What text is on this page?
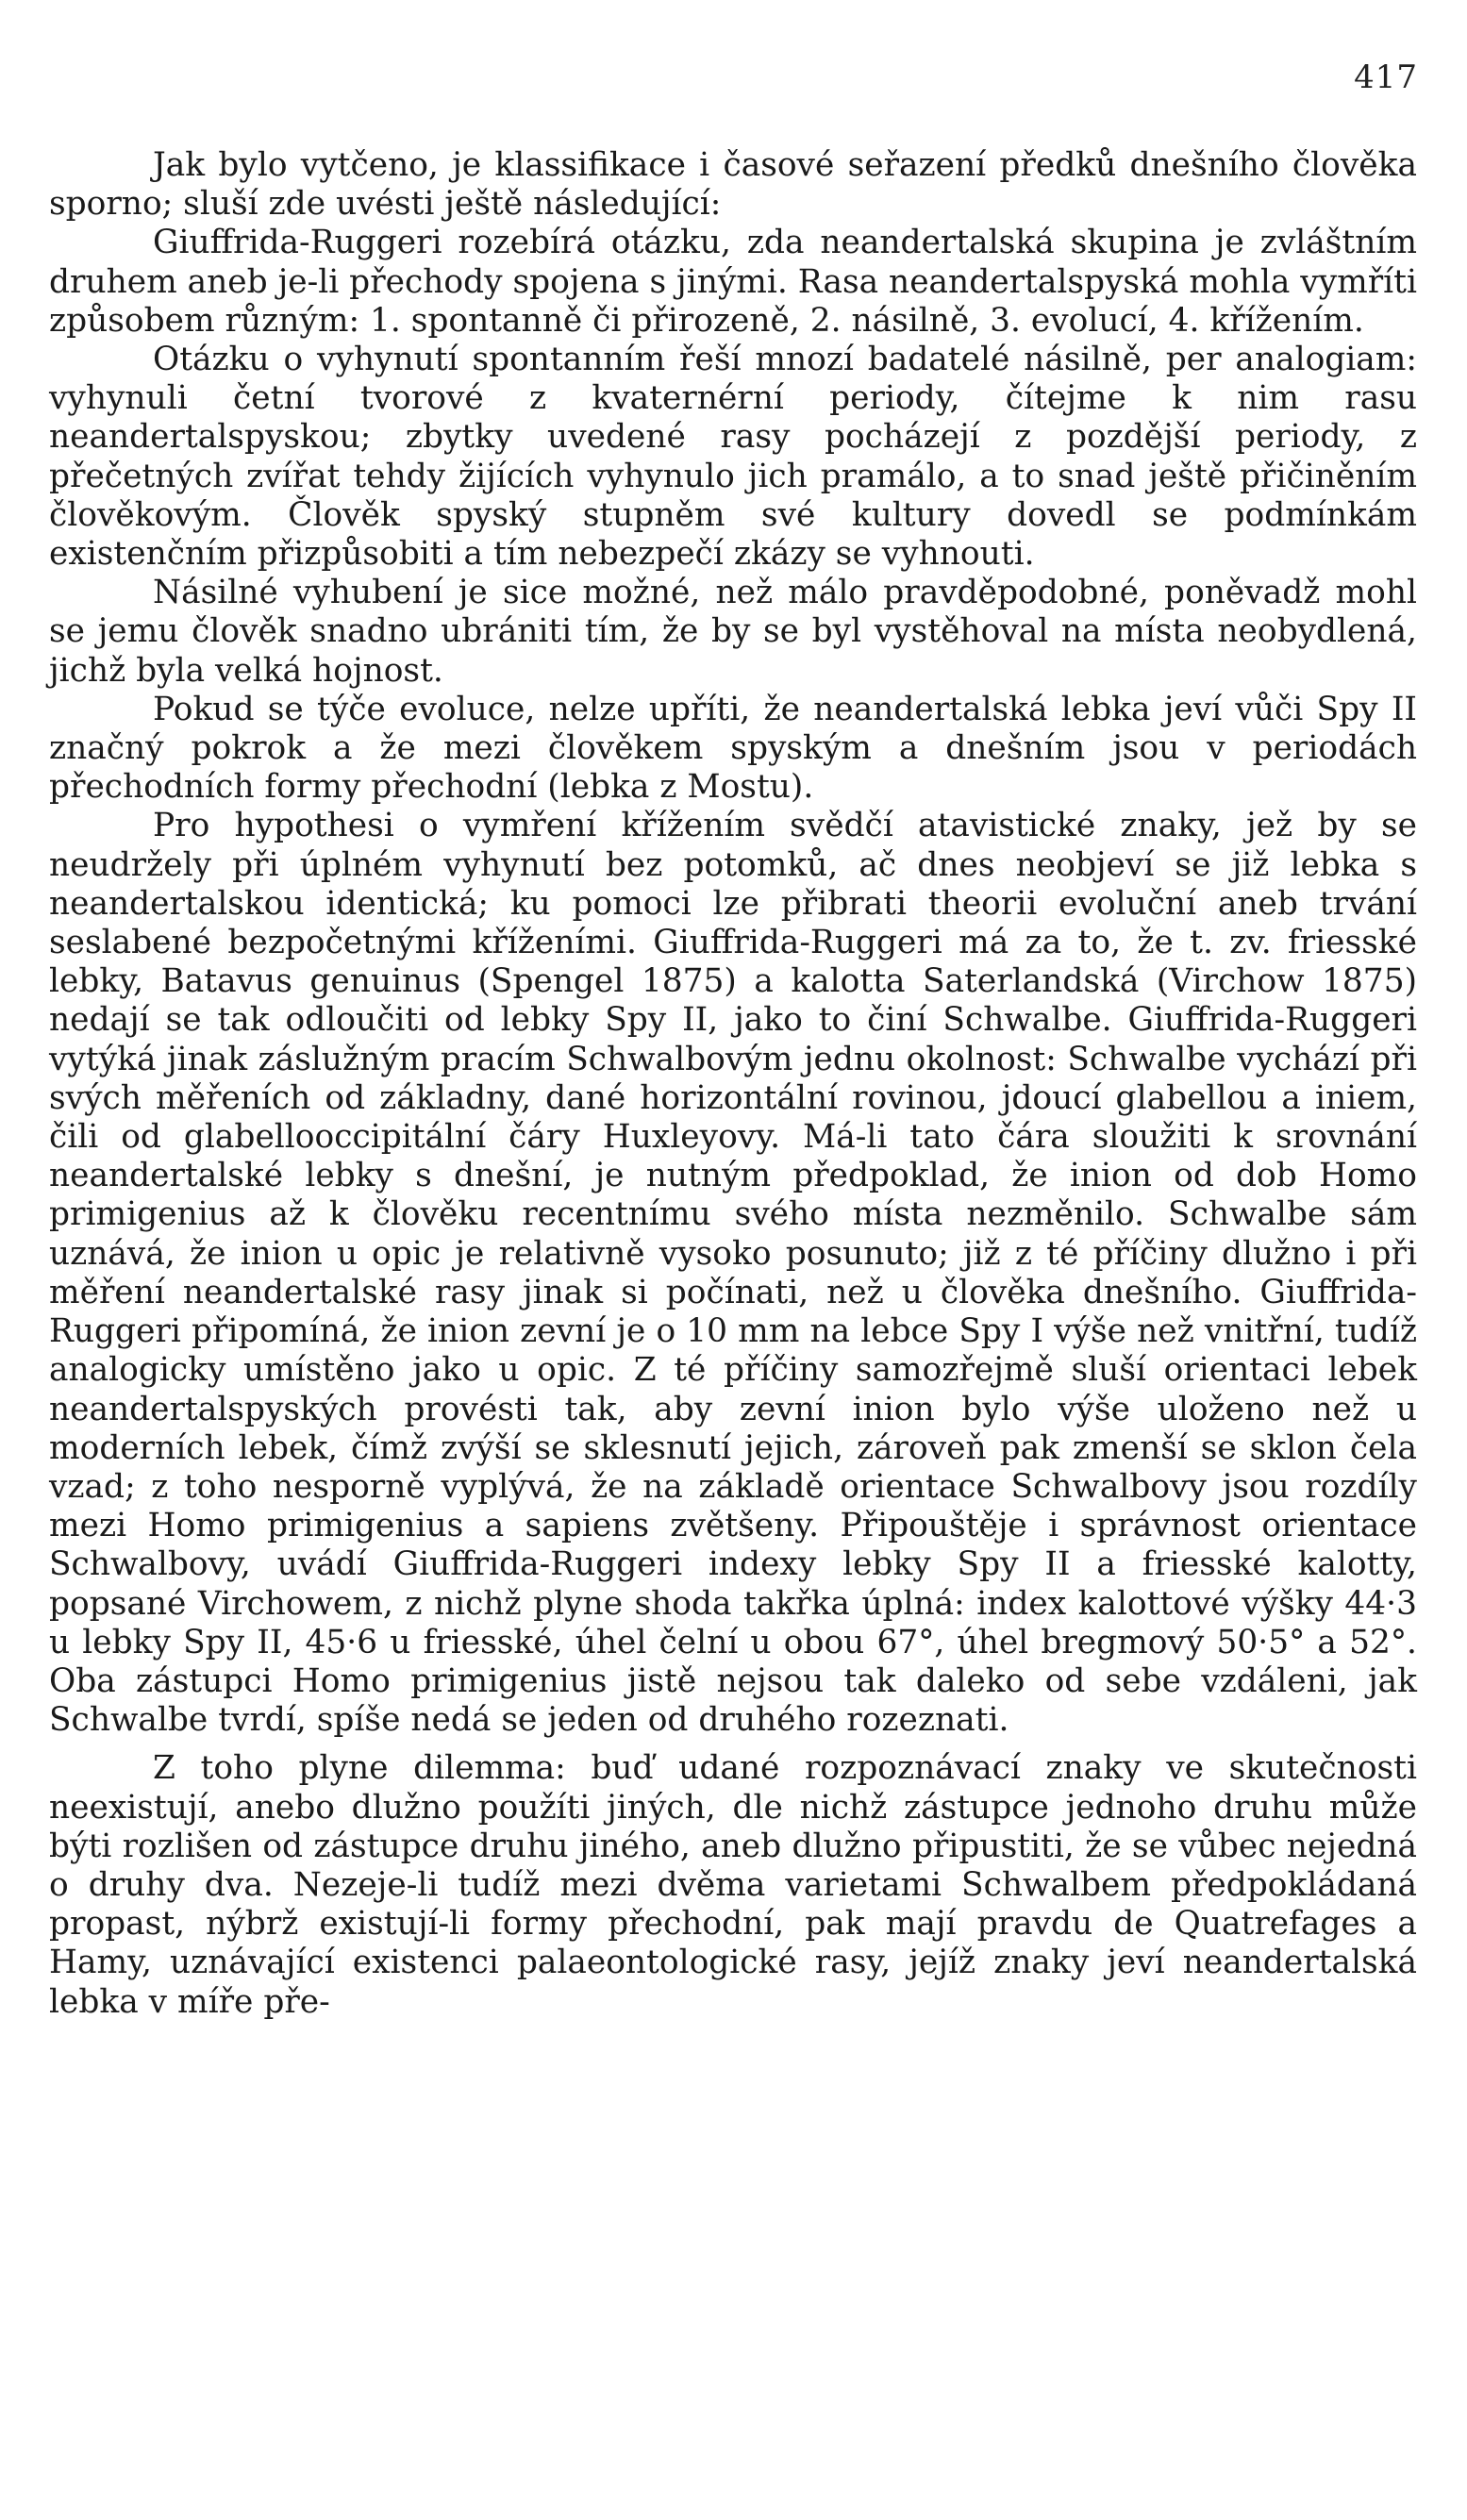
417

Jak bylo vytčeno, je klassifikace i časové seřazení předků dnešního člověka sporno; sluší zde uvésti ještě následující:

Giuffrida-Ruggeri rozebírá otázku, zda neandertalská skupina je zvláštním druhem aneb je-li přechody spojena s jinými. Rasa neandertalspyská mohla vymříti způsobem různým: 1. spontanně či přirozeně, 2. násilně, 3. evolucí, 4. křížením.

Otázku o vyhynutí spontanním řeší mnozí badatelé násilně, per analogiam: vyhynuli četní tvorové z kvaternérní periody, čítejme k nim rasu neandertalspyskou; zbytky uvedené rasy pocházejí z pozdější periody, z přečetných zvířat tehdy žijících vyhynulo jich pramálo, a to snad ještě přičiněním člověkovým. Člověk spyský stupněm své kultury dovedl se podmínkám existenčním přizpůsobiti a tím nebezpečí zkázy se vyhnouti.

Násilné vyhubení je sice možné, než málo pravděpodobné, poněvadž mohl se jemu člověk snadno ubrániti tím, že by se byl vystěhoval na místa neobydlená, jichž byla velká hojnost.

Pokud se týče evoluce, nelze upříti, že neandertalská lebka jeví vůči Spy II značný pokrok a že mezi člověkem spyským a dnešním jsou v periodách přechodních formy přechodní (lebka z Mostu).

Pro hypothesi o vymření křížením svědčí atavistické znaky, jež by se neudržely při úplném vyhynutí bez potomků, ač dnes neobjeví se již lebka s neandertalskou identická; ku pomoci lze přibrati theorii evoluční aneb trvání seslabené bezpočetnými kříženími. Giuffrida-Ruggeri má za to, že t. zv. friesské lebky, Batavus genuinus (Spengel 1875) a kalotta Saterlandská (Virchow 1875) nedají se tak odloučiti od lebky Spy II, jako to činí Schwalbe. Giuffrida-Ruggeri vytýká jinak záslužným pracím Schwalbovým jednu okolnost: Schwalbe vychází při svých měřeních od základny, dané horizontální rovinou, jdoucí glabellou a iniem, čili od glabellooccipitální čáry Huxleyovy. Má-li tato čára sloužiti k srovnání neandertalské lebky s dnešní, je nutným předpoklad, že inion od dob Homo primigenius až k člověku recentnímu svého místa nezměnilo. Schwalbe sám uznává, že inion u opic je relativně vysoko posunuto; již z té příčiny dlužno i při měření neandertalské rasy jinak si počínati, než u člověka dnešního. Giuffrida-Ruggeri připomíná, že inion zevní je o 10 mm na lebce Spy I výše než vnitřní, tudíž analogicky umístěno jako u opic. Z té příčiny samozřejmě sluší orientaci lebek neandertalspyských provésti tak, aby zevní inion bylo výše uloženo než u moderních lebek, čímž zvýší se sklesnutí jejich, zároveň pak zmenší se sklon čela vzad; z toho nesporně vyplývá, že na základě orientace Schwalbovy jsou rozdíly mezi Homo primigenius a sapiens zvětšeny. Připouštěje i správnost orientace Schwalbovy, uvádí Giuffrida-Ruggeri indexy lebky Spy II a friesské kalotty, popsané Virchowem, z nichž plyne shoda takřka úplná: index kalottové výšky 44·3 u lebky Spy II, 45·6 u friesské, úhel čelní u obou 67°, úhel bregmový 50·5° a 52°. Oba zástupci Homo primigenius jistě nejsou tak daleko od sebe vzdáleni, jak Schwalbe tvrdí, spíše nedá se jeden od druhého rozeznati.

Z toho plyne dilemma: buď udané rozpoznávací znaky ve skutečnosti neexistují, anebo dlužno použíti jiných, dle nichž zástupce jednoho druhu může býti rozlišen od zástupce druhu jiného, aneb dlužno připustiti, že se vůbec nejedná o druhy dva. Nezeje-li tudíž mezi dvěma varietami Schwalbem předpokládaná propast, nýbrž existují-li formy přechodní, pak mají pravdu de Quatrefages a Hamy, uznávající existenci palaeontologické rasy, jejíž znaky jeví neandertalská lebka v míře pře-
